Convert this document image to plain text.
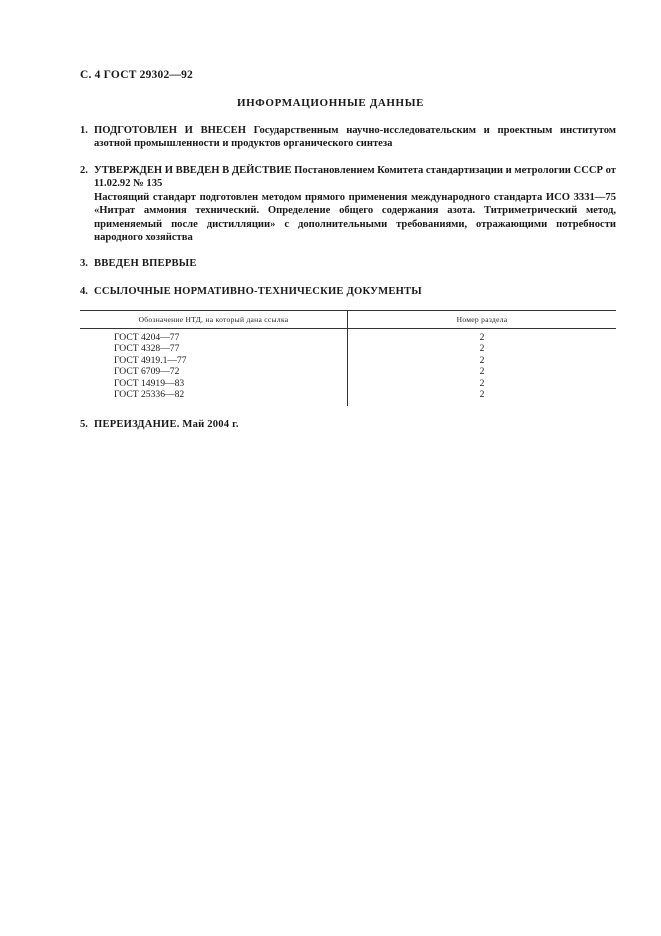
С. 4 ГОСТ 29302—92
ИНФОРМАЦИОННЫЕ ДАННЫЕ
1. ПОДГОТОВЛЕН И ВНЕСЕН Государственным научно-исследовательским и проектным институтом азотной промышленности и продуктов органического синтеза
2. УТВЕРЖДЕН И ВВЕДЕН В ДЕЙСТВИЕ Постановлением Комитета стандартизации и метрологии СССР от 11.02.92 № 135
Настоящий стандарт подготовлен методом прямого применения международного стандарта ИСО 3331—75 «Нитрат аммония технический. Определение общего содержания азота. Титриметрический метод, применяемый после дистилляции» с дополнительными требованиями, отражающими потребности народного хозяйства
3. ВВЕДЕН ВПЕРВЫЕ
4. ССЫЛОЧНЫЕ НОРМАТИВНО-ТЕХНИЧЕСКИЕ ДОКУМЕНТЫ
Обозначение НТД, на который дана ссылка	Номер раздела
ГОСТ 4204—77	2
ГОСТ 4328—77	2
ГОСТ 4919.1—77	2
ГОСТ 6709—72	2
ГОСТ 14919—83	2
ГОСТ 25336—82	2
5. ПЕРЕИЗДАНИЕ. Май 2004 г.
